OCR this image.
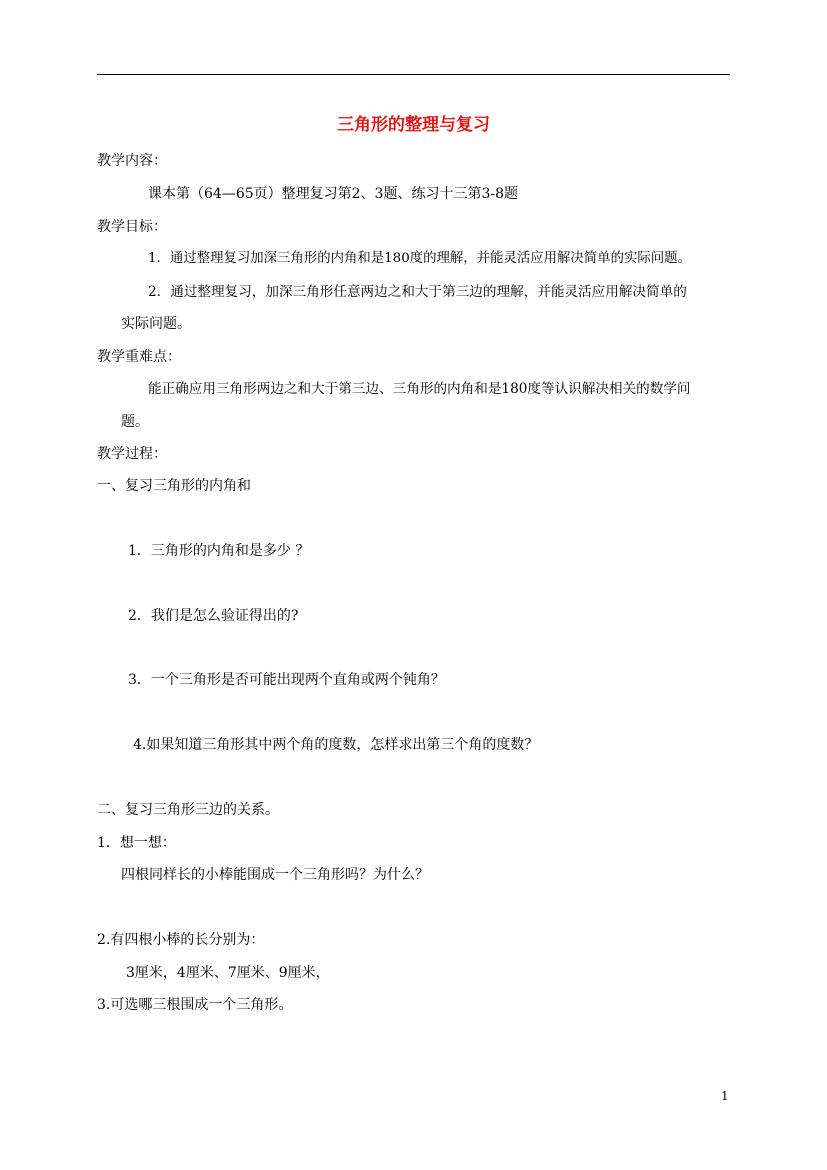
三角形的整理与复习
教学内容：
课本第（64—65页）整理复习第2、3题、练习十三第3-8题
教学目标：
1．通过整理复习加深三角形的内角和是180度的理解，并能灵活应用解决简单的实际问题。
2．通过整理复习，加深三角形任意两边之和大于第三边的理解，并能灵活应用解决简单的
实际问题。
教学重难点：
能正确应用三角形两边之和大于第三边、三角形的内角和是180度等认识解决相关的数学问
题。
教学过程：
一、复习三角形的内角和
1．三角形的内角和是多少 ？
2．我们是怎么验证得出的?
3．一个三角形是否可能出现两个直角或两个钝角？
4.如果知道三角形其中两个角的度数，怎样求出第三个角的度数？
二、复习三角形三边的关系。
1．想一想：
四根同样长的小棒能围成一个三角形吗？为什么？
2.有四根小棒的长分别为：
3厘米，4厘米、7厘米、9厘米，
3.可选哪三根围成一个三角形。
1
